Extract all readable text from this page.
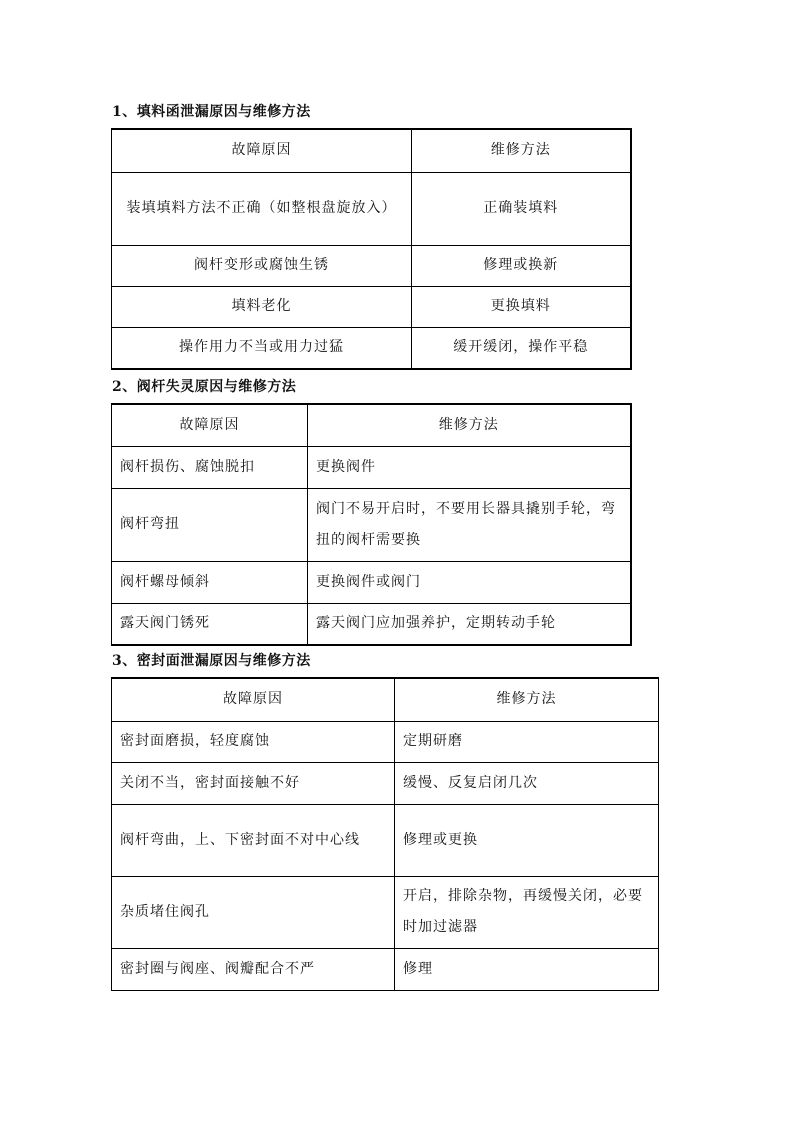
1、填料函泄漏原因与维修方法
故障原因	维修方法
装填填料方法不正确（如整根盘旋放入）	正确装填料
阀杆变形或腐蚀生锈	修理或换新
填料老化	更换填料
操作用力不当或用力过猛	缓开缓闭，操作平稳
2、阀杆失灵原因与维修方法
故障原因	维修方法
阀杆损伤、腐蚀脱扣	更换阀件
阀杆弯扭	阀门不易开启时，不要用长器具撬别手轮，弯扭的阀杆需要换
阀杆螺母倾斜	更换阀件或阀门
露天阀门锈死	露天阀门应加强养护，定期转动手轮
3、密封面泄漏原因与维修方法
故障原因	维修方法
密封面磨损，轻度腐蚀	定期研磨
关闭不当，密封面接触不好	缓慢、反复启闭几次
阀杆弯曲，上、下密封面不对中心线	修理或更换
杂质堵住阀孔	开启，排除杂物，再缓慢关闭，必要时加过滤器
密封圈与阀座、阀瓣配合不严	修理
